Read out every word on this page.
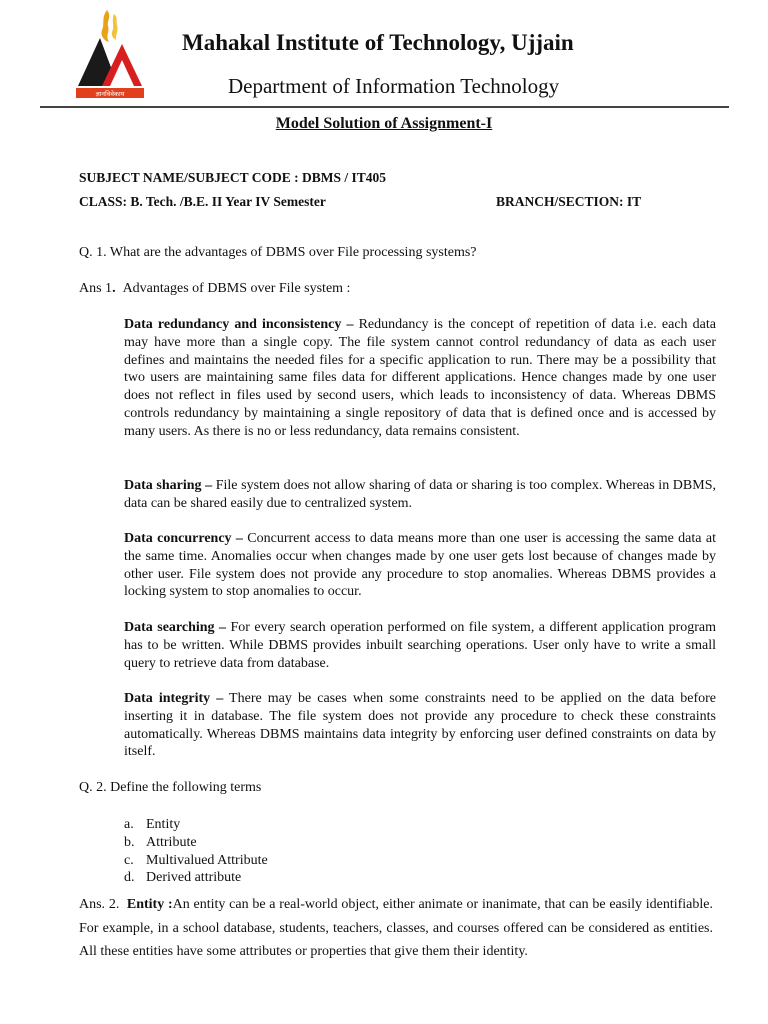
ज्ञानविवेकाय
Mahakal Institute of Technology, Ujjain
Department of Information Technology
Model Solution of Assignment-I
SUBJECT NAME/SUBJECT CODE : DBMS / IT405
CLASS: B. Tech. /B.E. II Year IV Semester	BRANCH/SECTION: IT
Q. 1. What are the advantages of DBMS over File processing systems?
Ans 1. Advantages of DBMS over File system :
Data redundancy and inconsistency – Redundancy is the concept of repetition of data i.e. each data may have more than a single copy. The file system cannot control redundancy of data as each user defines and maintains the needed files for a specific application to run. There may be a possibility that two users are maintaining same files data for different applications. Hence changes made by one user does not reflect in files used by second users, which leads to inconsistency of data. Whereas DBMS controls redundancy by maintaining a single repository of data that is defined once and is accessed by many users. As there is no or less redundancy, data remains consistent.
Data sharing – File system does not allow sharing of data or sharing is too complex. Whereas in DBMS, data can be shared easily due to centralized system.
Data concurrency – Concurrent access to data means more than one user is accessing the same data at the same time. Anomalies occur when changes made by one user gets lost because of changes made by other user. File system does not provide any procedure to stop anomalies. Whereas DBMS provides a locking system to stop anomalies to occur.
Data searching – For every search operation performed on file system, a different application program has to be written. While DBMS provides inbuilt searching operations. User only have to write a small query to retrieve data from database.
Data integrity – There may be cases when some constraints need to be applied on the data before inserting it in database. The file system does not provide any procedure to check these constraints automatically. Whereas DBMS maintains data integrity by enforcing user defined constraints on data by itself.
Q. 2. Define the following terms
a. Entity
b. Attribute
c. Multivalued Attribute
d. Derived attribute
Ans. 2. Entity :An entity can be a real-world object, either animate or inanimate, that can be easily identifiable. For example, in a school database, students, teachers, classes, and courses offered can be considered as entities. All these entities have some attributes or properties that give them their identity.
